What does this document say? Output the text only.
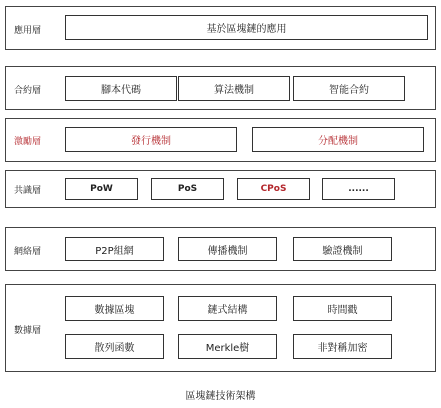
應用層	基於區塊鏈的應用
合約層	腳本代碼	算法機制	智能合約
激勵層	發行機制	分配機制
共識層	PoW	PoS	CPoS	......
網絡層	P2P組網	傳播機制	驗證機制
數據層
數據區塊	鏈式結構	時間戳
散列函數	Merkle樹	非對稱加密
區塊鏈技術架構
